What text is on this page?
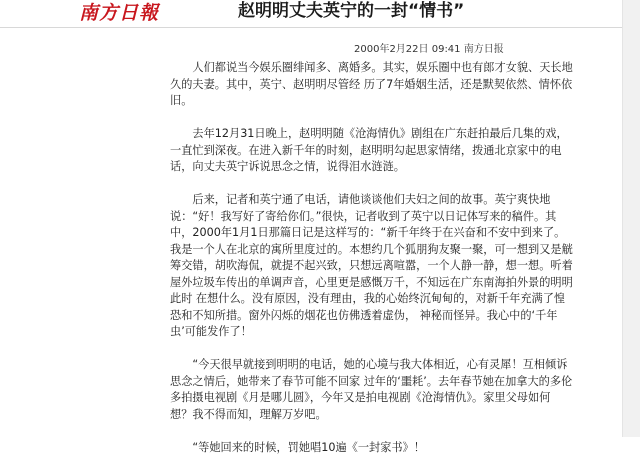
南方日報	赵明明丈夫英宁的一封“情书”
2000年2月22日 09:41 南方日报

人们都说当今娱乐圈绯闻多、离婚多。其实，娱乐圈中也有郎才女貌、天长地久的夫妻。其中，英宁、赵明明尽管经 历了7年婚姻生活，还是默契依然、情怀依旧。

去年12月31日晚上，赵明明随《沧海情仇》剧组在广东赶拍最后几集的戏，一直忙到深夜。在进入新千年的时刻，赵明明勾起思家情绪，拨通北京家中的电话，向丈夫英宁诉说思念之情，说得泪水涟涟。

后来，记者和英宁通了电话，请他谈谈他们夫妇之间的故事。英宁爽快地说：“好！我写好了寄给你们。”很快，记者收到了英宁以日记体写来的稿件。其中，2000年1月1日那篇日记是这样写的：“新千年终于在兴奋和不安中到来了。 我是一个人在北京的寓所里度过的。本想约几个狐朋狗友聚一聚，可一想到又是觥筹交错，胡吹海侃，就提不起兴致，只想远离喧嚣，一个人静一静，想一想。听着屋外垃圾车传出的单调声音，心里更是感慨万千，不知远在广东南海拍外景的明明此时 在想什么。没有原因，没有理由，我的心始终沉甸甸的，对新千年充满了惶恐和不知所措。窗外闪烁的烟花也仿佛透着虚伪， 神秘而怪异。我心中的‘千年虫’可能发作了！

“今天很早就接到明明的电话，她的心境与我大体相近，心有灵犀！互相倾诉思念之情后，她带来了春节可能不回家 过年的‘噩耗’。去年春节她在加拿大的多伦多拍摄电视剧《月是哪儿圆》，今年又是拍电视剧《沧海情仇》。家里父母如何 想？我不得而知，理解万岁吧。

“等她回来的时候，罚她唱10遍《一封家书》！
